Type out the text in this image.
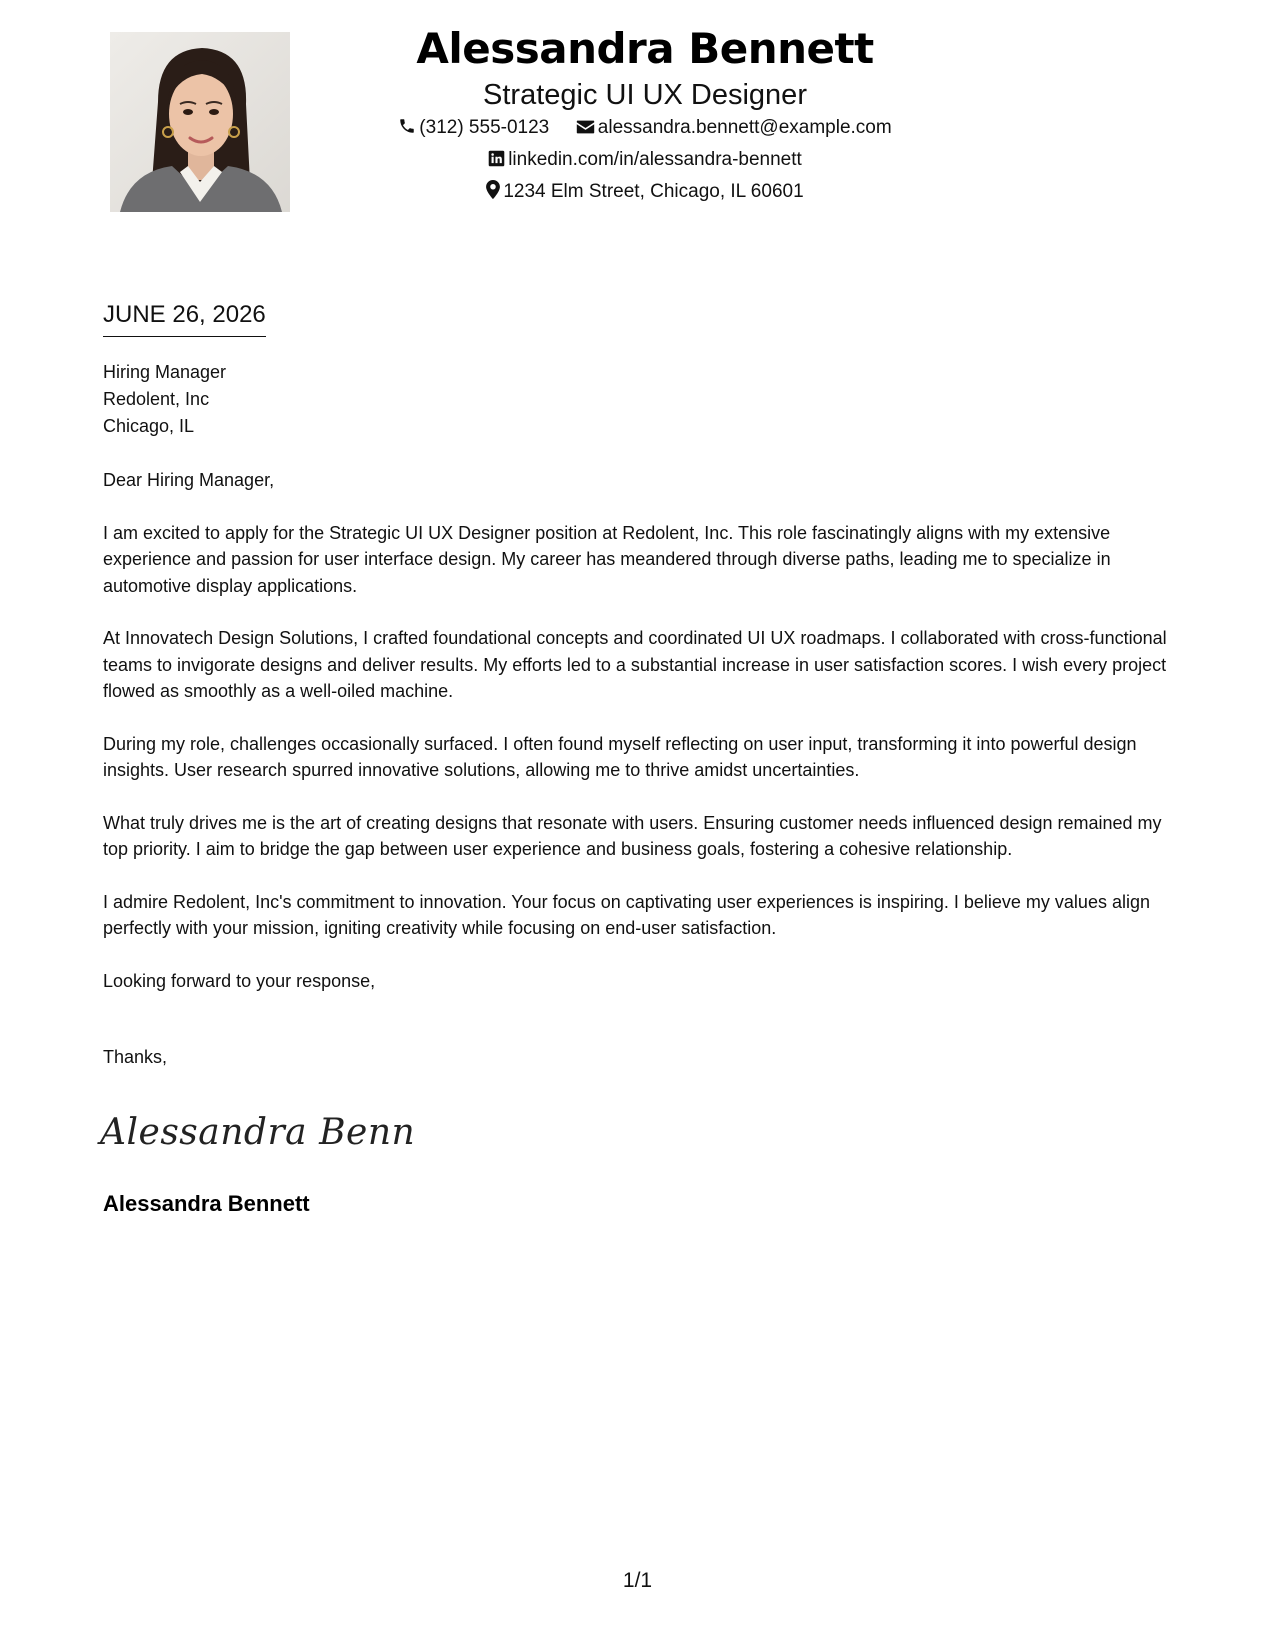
Alessandra Bennett
Strategic UI UX Designer
(312) 555-0123	alessandra.bennett@example.com
linkedin.com/in/alessandra-bennett
1234 Elm Street, Chicago, IL 60601
JUNE 26, 2026
Hiring Manager
Redolent, Inc
Chicago, IL

Dear Hiring Manager,

I am excited to apply for the Strategic UI UX Designer position at Redolent, Inc. This role fascinatingly aligns with my extensive experience and passion for user interface design. My career has meandered through diverse paths, leading me to specialize in automotive display applications.

At Innovatech Design Solutions, I crafted foundational concepts and coordinated UI UX roadmaps. I collaborated with cross-functional teams to invigorate designs and deliver results. My efforts led to a substantial increase in user satisfaction scores. I wish every project flowed as smoothly as a well-oiled machine.

During my role, challenges occasionally surfaced. I often found myself reflecting on user input, transforming it into powerful design insights. User research spurred innovative solutions, allowing me to thrive amidst uncertainties.

What truly drives me is the art of creating designs that resonate with users. Ensuring customer needs influenced design remained my top priority. I aim to bridge the gap between user experience and business goals, fostering a cohesive relationship.

I admire Redolent, Inc's commitment to innovation. Your focus on captivating user experiences is inspiring. I believe my values align perfectly with your mission, igniting creativity while focusing on end-user satisfaction.

Looking forward to your response,

Thanks,
Alessandra Benn
Alessandra Bennett
1/1
